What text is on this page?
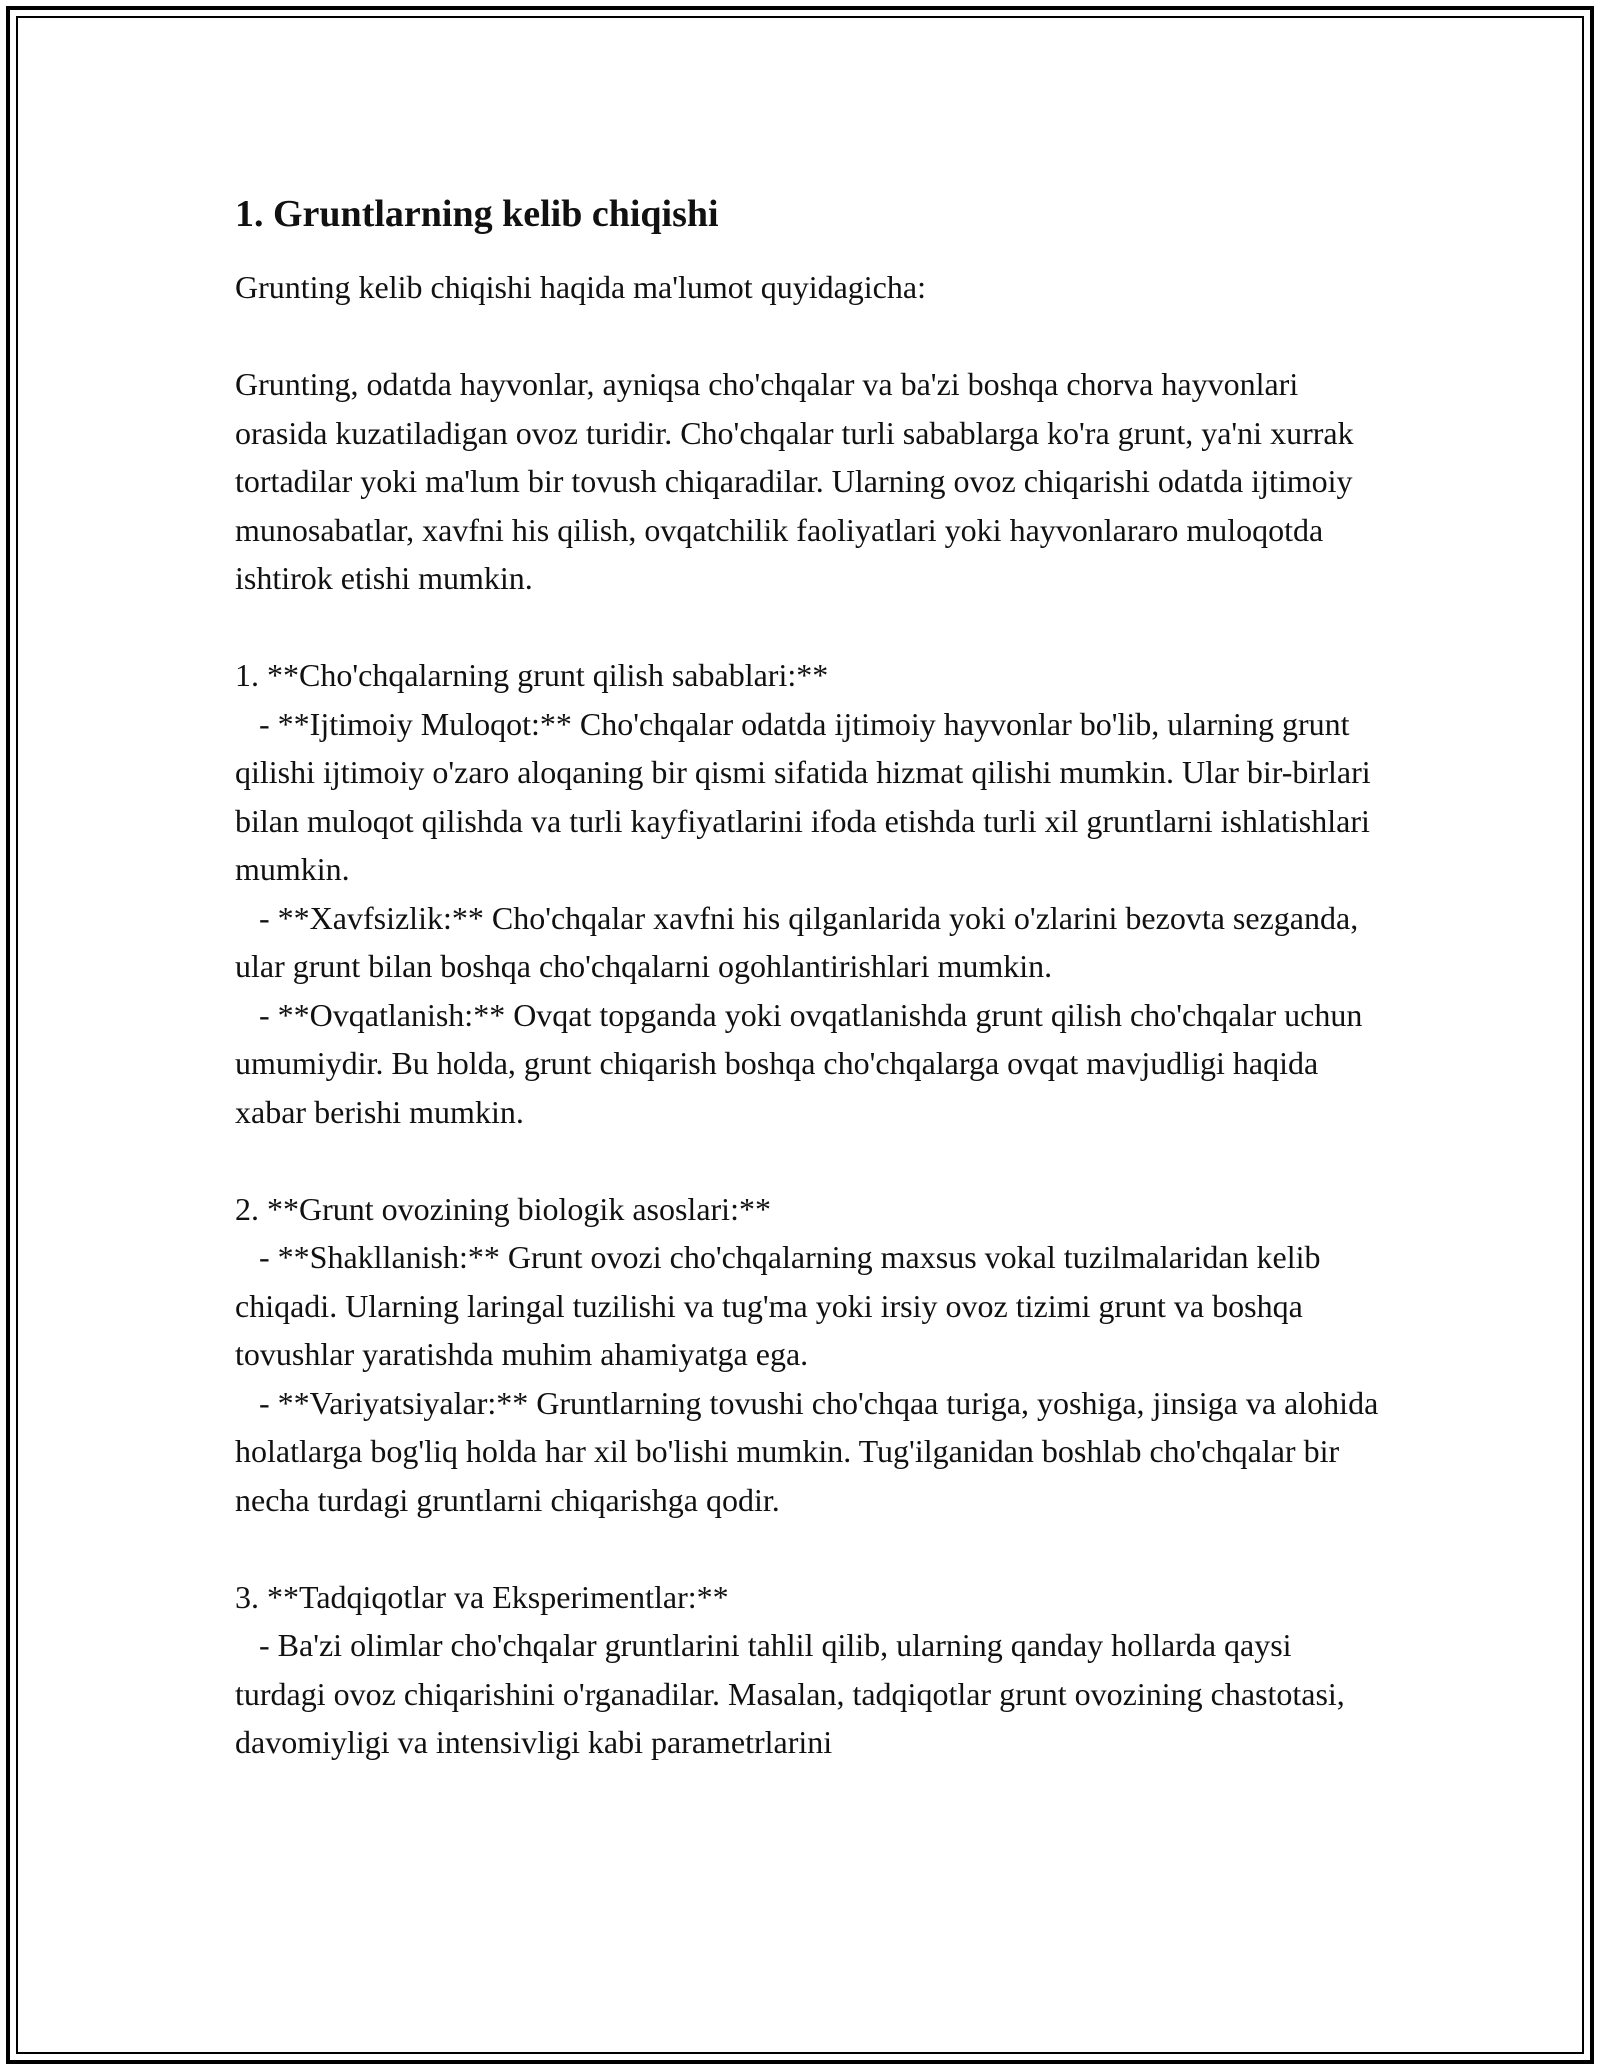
1. Gruntlarning kelib chiqishi

Grunting kelib chiqishi haqida ma'lumot quyidagicha:

Grunting, odatda hayvonlar, ayniqsa cho'chqalar va ba'zi boshqa chorva hayvonlari orasida kuzatiladigan ovoz turidir. Cho'chqalar turli sabablarga ko'ra grunt, ya'ni xurrak tortadilar yoki ma'lum bir tovush chiqaradilar. Ularning ovoz chiqarishi odatda ijtimoiy munosabatlar, xavfni his qilish, ovqatchilik faoliyatlari yoki hayvonlararo muloqotda ishtirok etishi mumkin.

1. **Cho'chqalarning grunt qilish sabablari:**

- **Ijtimoiy Muloqot:** Cho'chqalar odatda ijtimoiy hayvonlar bo'lib, ularning grunt qilishi ijtimoiy o'zaro aloqaning bir qismi sifatida hizmat qilishi mumkin. Ular bir-birlari bilan muloqot qilishda va turli kayfiyatlarini ifoda etishda turli xil gruntlarni ishlatishlari mumkin.

- **Xavfsizlik:** Cho'chqalar xavfni his qilganlarida yoki o'zlarini bezovta sezganda, ular grunt bilan boshqa cho'chqalarni ogohlantirishlari mumkin.

- **Ovqatlanish:** Ovqat topganda yoki ovqatlanishda grunt qilish cho'chqalar uchun umumiydir. Bu holda, grunt chiqarish boshqa cho'chqalarga ovqat mavjudligi haqida xabar berishi mumkin.

2. **Grunt ovozining biologik asoslari:**

- **Shakllanish:** Grunt ovozi cho'chqalarning maxsus vokal tuzilmalaridan kelib chiqadi. Ularning laringal tuzilishi va tug'ma yoki irsiy ovoz tizimi grunt va boshqa tovushlar yaratishda muhim ahamiyatga ega.

- **Variyatsiyalar:** Gruntlarning tovushi cho'chqaa turiga, yoshiga, jinsiga va alohida holatlarga bog'liq holda har xil bo'lishi mumkin. Tug'ilganidan boshlab cho'chqalar bir necha turdagi gruntlarni chiqarishga qodir.

3. **Tadqiqotlar va Eksperimentlar:**

- Ba'zi olimlar cho'chqalar gruntlarini tahlil qilib, ularning qanday hollarda qaysi turdagi ovoz chiqarishini o'rganadilar. Masalan, tadqiqotlar grunt ovozining chastotasi, davomiyligi va intensivligi kabi parametrlarini
